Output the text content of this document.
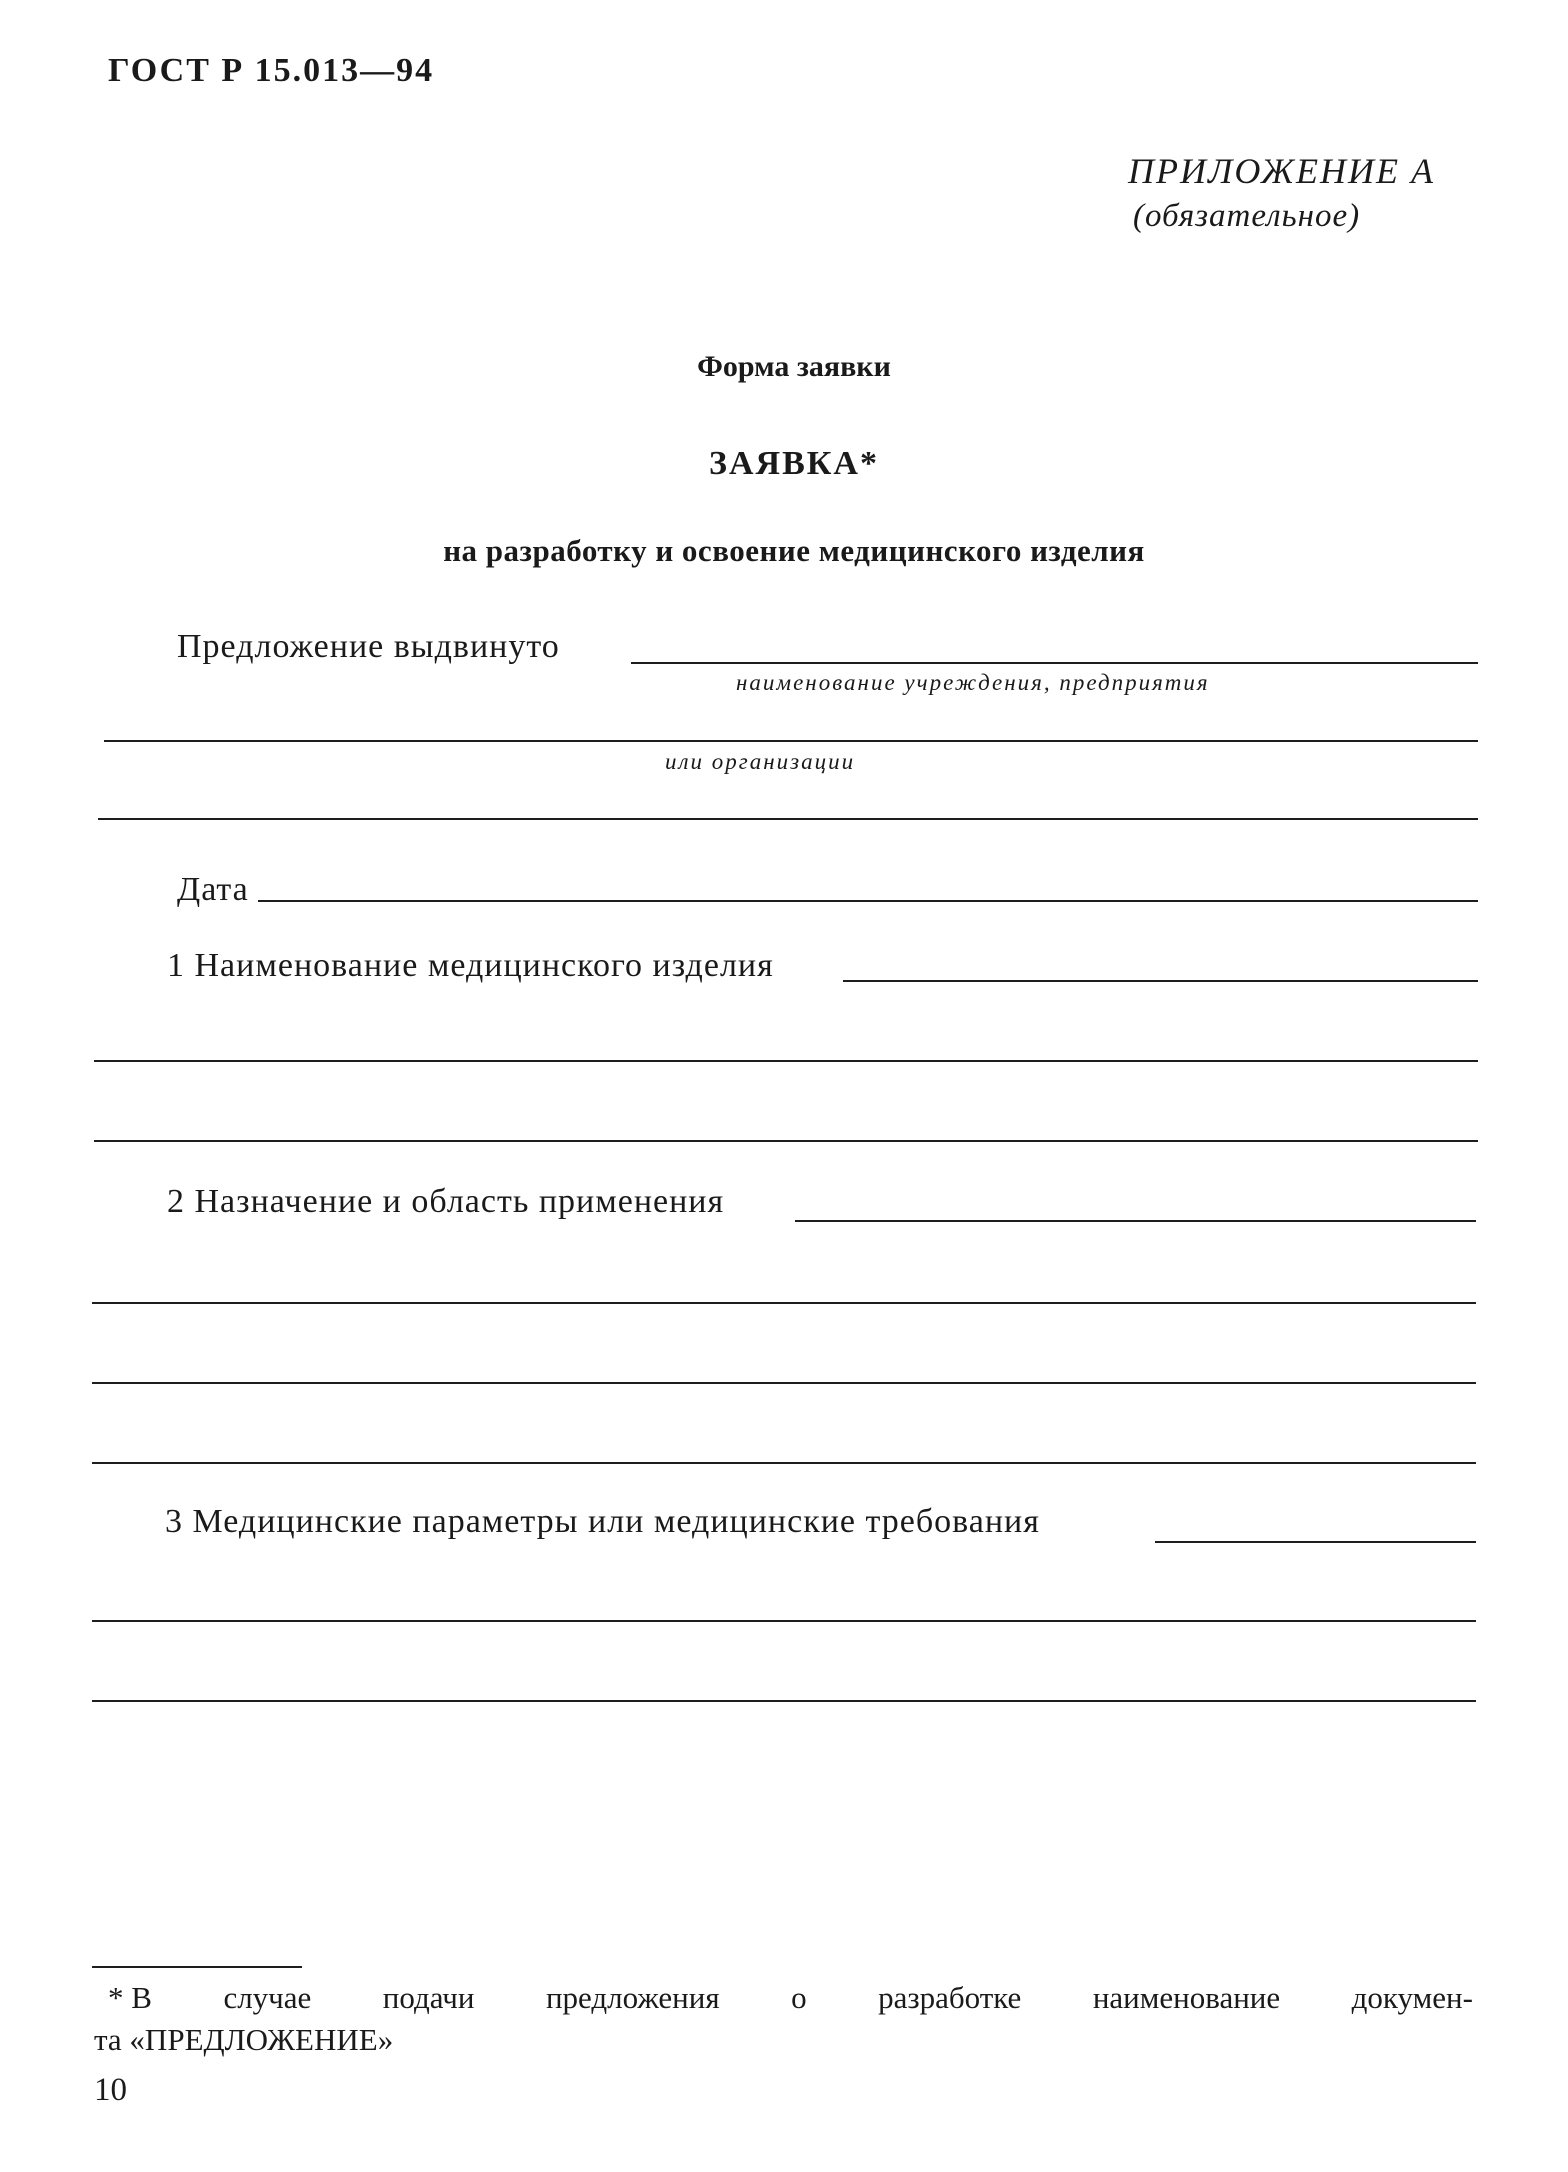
ГОСТ Р 15.013—94
ПРИЛОЖЕНИЕ А
(обязательное)
Форма заявки
ЗАЯВКА*
на разработку и освоение медицинского изделия
Предложение выдвинуто
наименование учреждения, предприятия
или организации
Дата
1 Наименование медицинского изделия
2 Назначение и область применения
3 Медицинские параметры или медицинские требования
* В случае подачи предложения о разработке наименование докумен-
та «ПРЕДЛОЖЕНИЕ»
10
